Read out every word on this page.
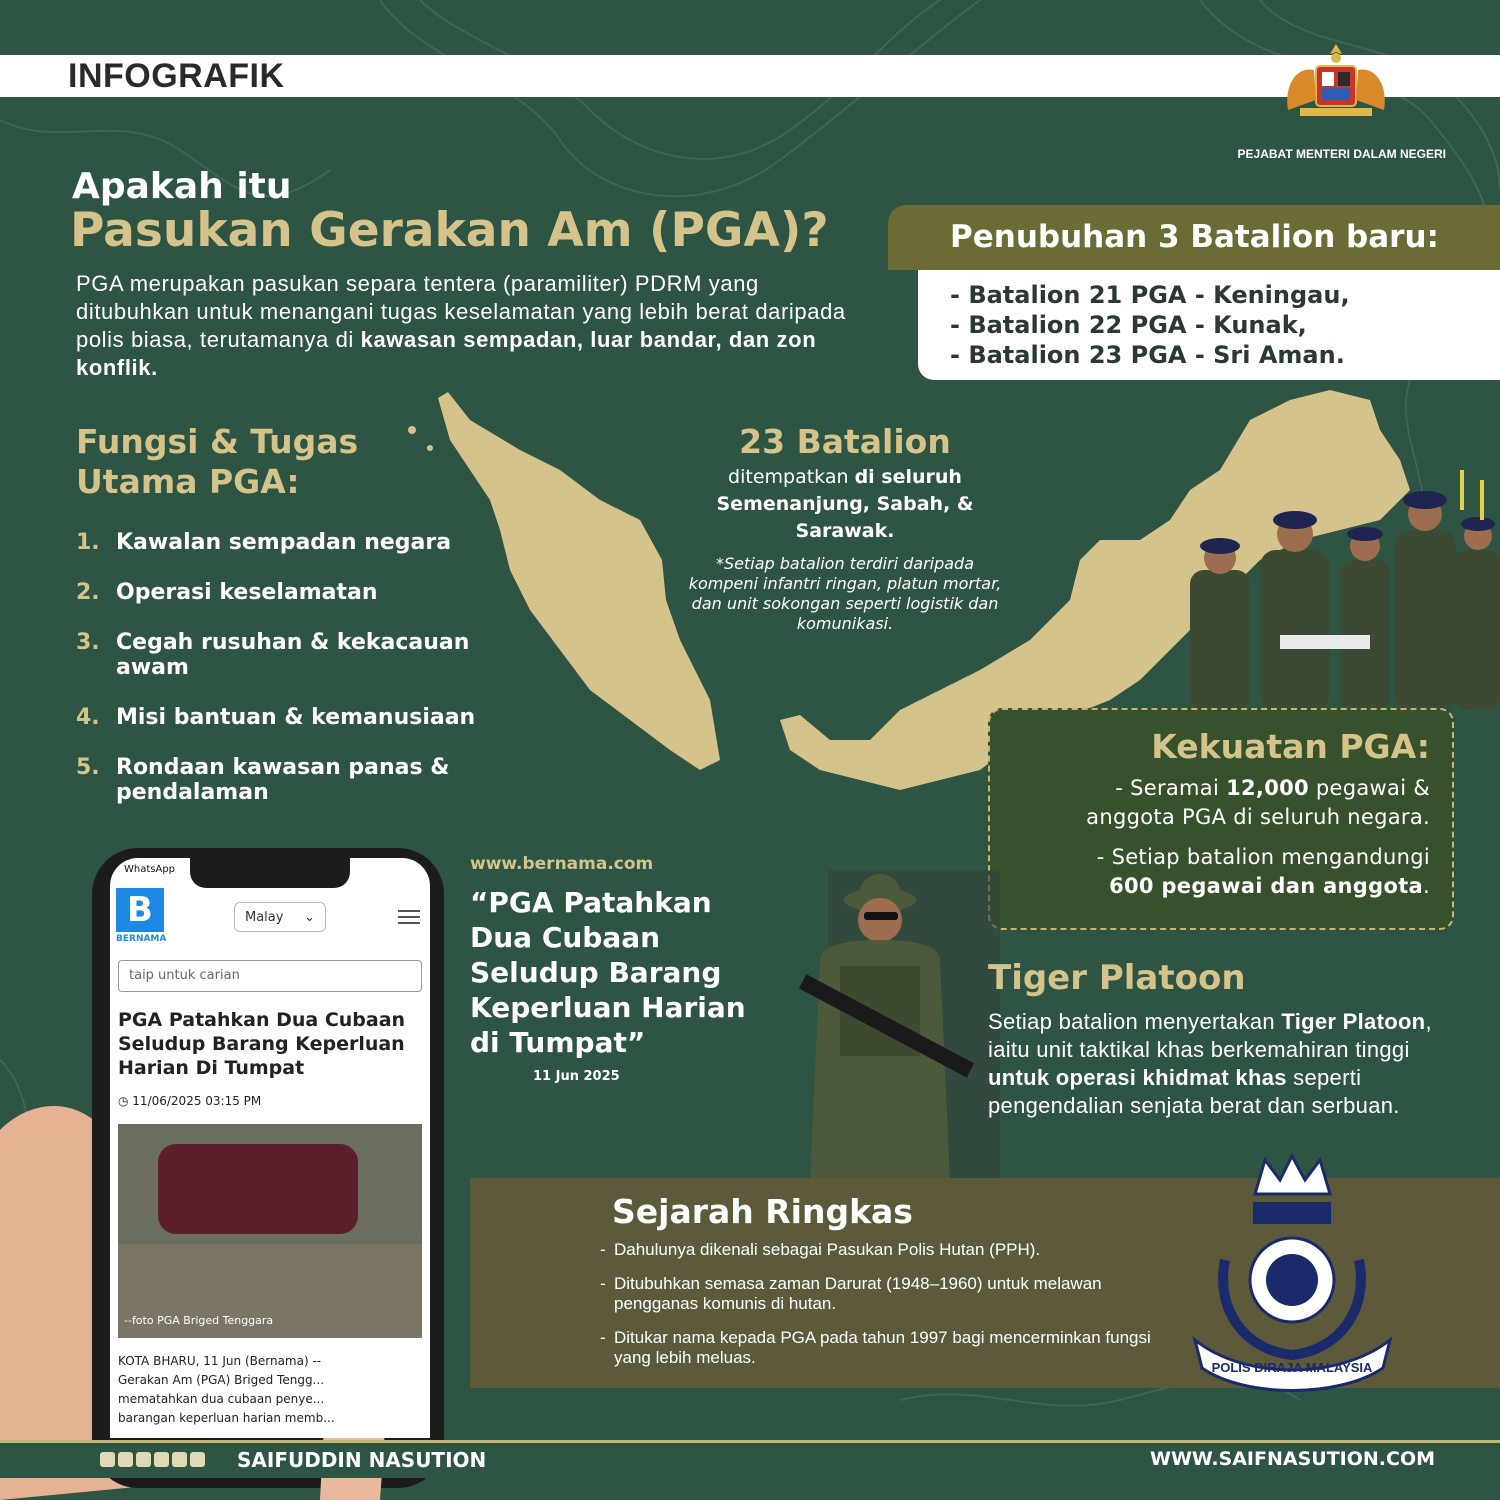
INFOGRAFIK
PEJABAT MENTERI DALAM NEGERI
Apakah itu
Pasukan Gerakan Am (PGA)?
PGA merupakan pasukan separa tentera (paramiliter) PDRM yang ditubuhkan untuk menangani tugas keselamatan yang lebih berat daripada polis biasa, terutamanya di kawasan sempadan, luar bandar, dan zon konflik.
Penubuhan 3 Batalion baru:
- Batalion 21 PGA - Keningau,
- Batalion 22 PGA - Kunak,
- Batalion 23 PGA - Sri Aman.
Fungsi & Tugas Utama PGA:
1. Kawalan sempadan negara
2. Operasi keselamatan
3. Cegah rusuhan & kekacauan awam
4. Misi bantuan & kemanusiaan
5. Rondaan kawasan panas & pendalaman
23 Batalion
ditempatkan di seluruh Semenanjung, Sabah, & Sarawak.
*Setiap batalion terdiri daripada kompeni infantri ringan, platun mortar, dan unit sokongan seperti logistik dan komunikasi.
Kekuatan PGA:
- Seramai 12,000 pegawai &
anggota PGA di seluruh negara.
- Setiap batalion mengandungi
600 pegawai dan anggota.
WhatsApp
B
BERNAMA
Malay ⌄
taip untuk carian
PGA Patahkan Dua Cubaan Seludup Barang Keperluan Harian Di Tumpat
◷ 11/06/2025 03:15 PM
--foto PGA Briged Tenggara
KOTA BHARU, 11 Jun (Bernama) -- Gerakan Am (PGA) Briged Tengg... mematahkan dua cubaan penye... barangan keperluan harian memb...
www.bernama.com
“PGA Patahkan Dua Cubaan Seludup Barang Keperluan Harian di Tumpat”
11 Jun 2025
Tiger Platoon
Setiap batalion menyertakan Tiger Platoon, iaitu unit taktikal khas berkemahiran tinggi untuk operasi khidmat khas seperti pengendalian senjata berat dan serbuan.
Sejarah Ringkas
- Dahulunya dikenali sebagai Pasukan Polis Hutan (PPH).
- Ditubuhkan semasa zaman Darurat (1948–1960) untuk melawan pengganas komunis di hutan.
- Ditukar nama kepada PGA pada tahun 1997 bagi mencerminkan fungsi yang lebih meluas.
POLIS DIRAJA MALAYSIA
SAIFUDDIN NASUTION	WWW.SAIFNASUTION.COM
